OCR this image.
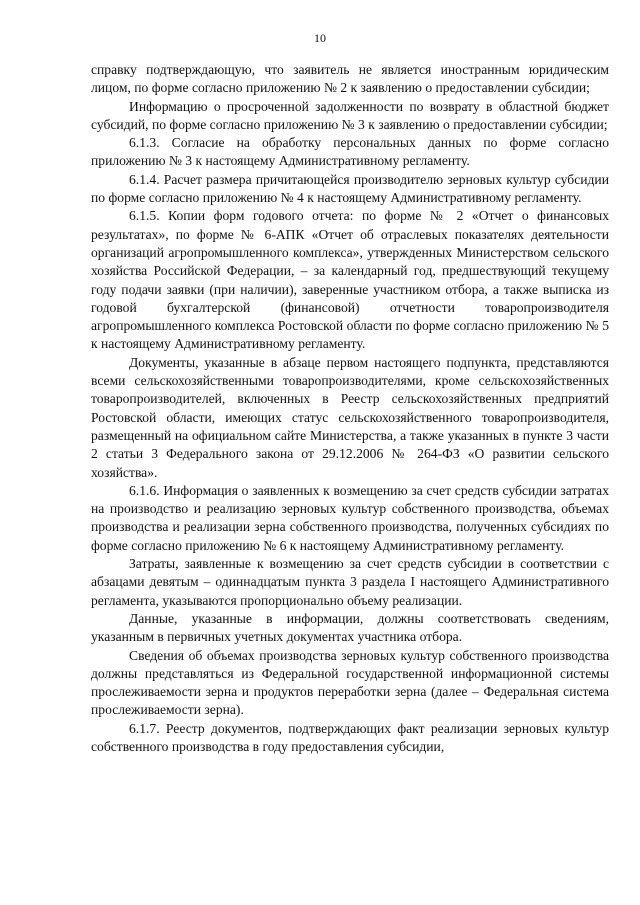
10

справку подтверждающую, что заявитель не является иностранным юридическим лицом, по форме согласно приложению № 2 к заявлению о предоставлении субсидии;

Информацию о просроченной задолженности по возврату в областной бюджет субсидий, по форме согласно приложению № 3 к заявлению о предоставлении субсидии;

6.1.3. Согласие на обработку персональных данных по форме согласно приложению № 3 к настоящему Административному регламенту.

6.1.4. Расчет размера причитающейся производителю зерновых культур субсидии по форме согласно приложению № 4 к настоящему Административному регламенту.

6.1.5. Копии форм годового отчета: по форме № 2 «Отчет о финансовых результатах», по форме № 6-АПК «Отчет об отраслевых показателях деятельности организаций агропромышленного комплекса», утвержденных Министерством сельского хозяйства Российской Федерации, – за календарный год, предшествующий текущему году подачи заявки (при наличии), заверенные участником отбора, а также выписка из годовой бухгалтерской (финансовой) отчетности товаропроизводителя агропромышленного комплекса Ростовской области по форме согласно приложению № 5 к настоящему Административному регламенту.

Документы, указанные в абзаце первом настоящего подпункта, представляются всеми сельскохозяйственными товаропроизводителями, кроме сельскохозяйственных товаропроизводителей, включенных в Реестр сельскохозяйственных предприятий Ростовской области, имеющих статус сельскохозяйственного товаропроизводителя, размещенный на официальном сайте Министерства, а также указанных в пункте 3 части 2 статьи 3 Федерального закона от 29.12.2006 № 264-ФЗ «О развитии сельского хозяйства».

6.1.6. Информация о заявленных к возмещению за счет средств субсидии затратах на производство и реализацию зерновых культур собственного производства, объемах производства и реализации зерна собственного производства, полученных субсидиях по форме согласно приложению № 6 к настоящему Административному регламенту.

Затраты, заявленные к возмещению за счет средств субсидии в соответствии с абзацами девятым – одиннадцатым пункта 3 раздела I настоящего Административного регламента, указываются пропорционально объему реализации.

Данные, указанные в информации, должны соответствовать сведениям, указанным в первичных учетных документах участника отбора.

Сведения об объемах производства зерновых культур собственного производства должны представляться из Федеральной государственной информационной системы прослеживаемости зерна и продуктов переработки зерна (далее – Федеральная система прослеживаемости зерна).

6.1.7. Реестр документов, подтверждающих факт реализации зерновых культур собственного производства в году предоставления субсидии,
